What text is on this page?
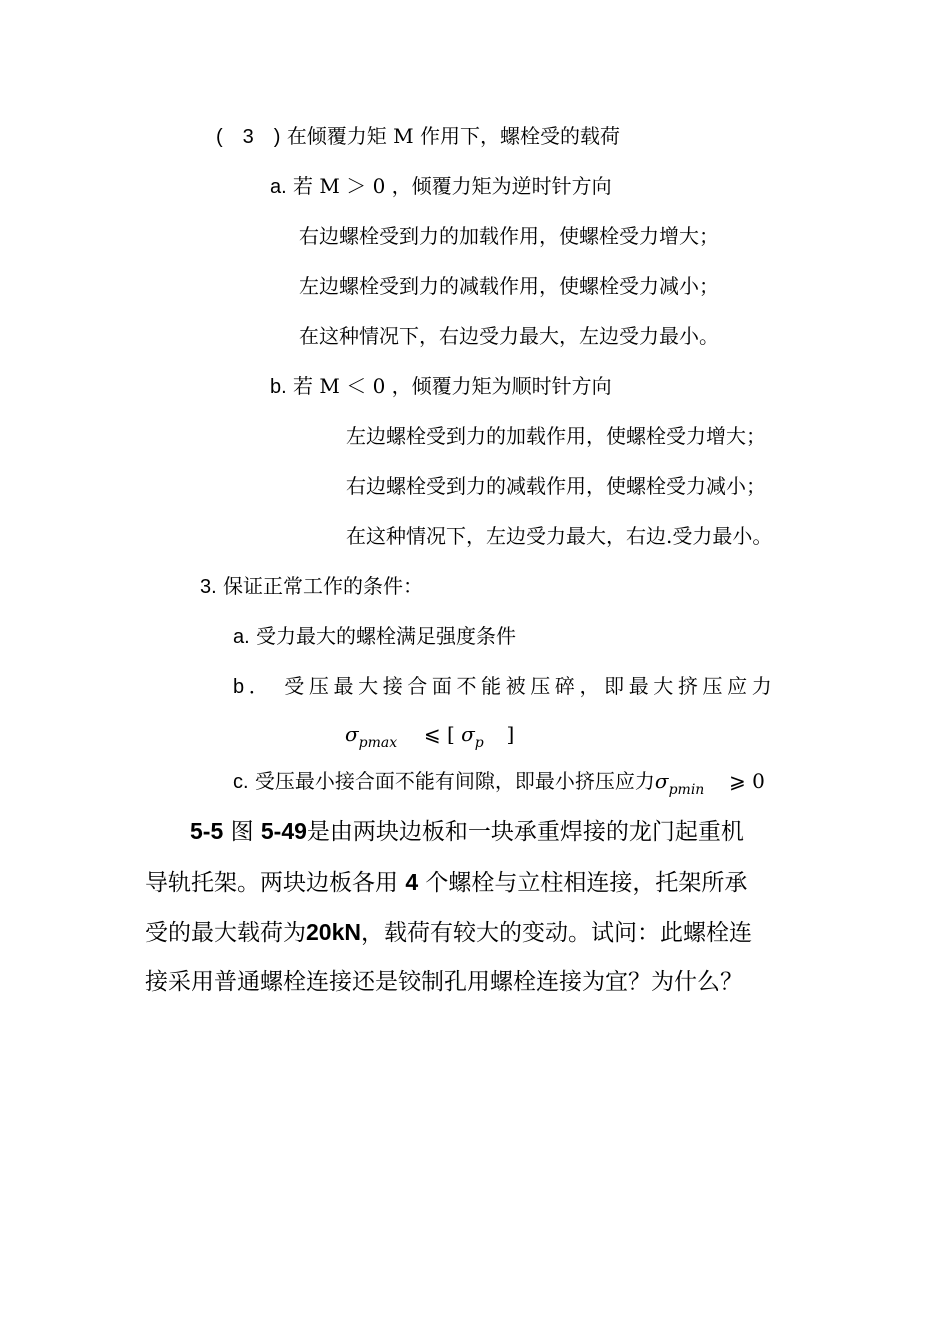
(　3　) 在倾覆力矩 M 作用下，螺栓受的载荷
a. 若 M ＞ 0 ，倾覆力矩为逆时针方向
右边螺栓受到力的加载作用，使螺栓受力增大；
左边螺栓受到力的减载作用，使螺栓受力减小；
在这种情况下，右边受力最大，左边受力最小。
b. 若 M ＜ 0 ，倾覆力矩为顺时针方向
左边螺栓受到力的加载作用，使螺栓受力增大；
右边螺栓受到力的减载作用，使螺栓受力减小；
在这种情况下，左边受力最大，右边.受力最小。
3. 保证正常工作的条件：
a. 受力最大的螺栓满足强度条件
b． 受压最大接合面不能被压碎，即最大挤压应力
$\sigma_{pmax}$ ⩽ [ $\sigma_p$ ]
c. 受压最小接合面不能有间隙，即最小挤压应力$\sigma_{pmin}$ ⩾ 0
5-5 图 5-49是由两块边板和一块承重焊接的龙门起重机
导轨托架。两块边板各用 4 个螺栓与立柱相连接，托架所承
受的最大载荷为20kN，载荷有较大的变动。试问：此螺栓连
接采用普通螺栓连接还是铰制孔用螺栓连接为宜？为什么？
